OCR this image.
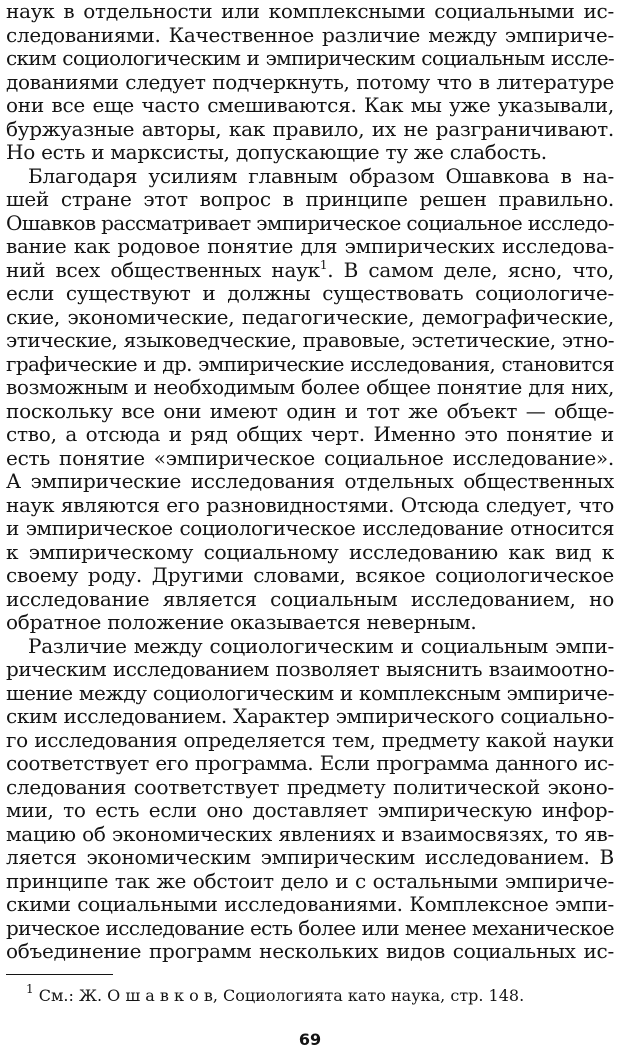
наук в отдельности или комплексными социальными ис-
следованиями. Качественное различие между эмпириче-
ским социологическим и эмпирическим социальным иссле-
дованиями следует подчеркнуть, потому что в литературе
они все еще часто смешиваются. Как мы уже указывали,
буржуазные авторы, как правило, их не разграничивают.
Но есть и марксисты, допускающие ту же слабость.
Благодаря усилиям главным образом Ошавкова в на-
шей стране этот вопрос в принципе решен правильно.
Ошавков рассматривает эмпирическое социальное исследо-
вание как родовое понятие для эмпирических исследова-
ний всех общественных наук$^1$. В самом деле, ясно, что,
если существуют и должны существовать социологиче-
ские, экономические, педагогические, демографические,
этические, языковедческие, правовые, эстетические, этно-
графические и др. эмпирические исследования, становится
возможным и необходимым более общее понятие для них,
поскольку все они имеют один и тот же объект — обще-
ство, а отсюда и ряд общих черт. Именно это понятие и
есть понятие «эмпирическое социальное исследование».
А эмпирические исследования отдельных общественных
наук являются его разновидностями. Отсюда следует, что
и эмпирическое социологическое исследование относится
к эмпирическому социальному исследованию как вид к
своему роду. Другими словами, всякое социологическое
исследование является социальным исследованием, но
обратное положение оказывается неверным.
Различие между социологическим и социальным эмпи-
рическим исследованием позволяет выяснить взаимоотно-
шение между социологическим и комплексным эмпириче-
ским исследованием. Характер эмпирического социально-
го исследования определяется тем, предмету какой науки
соответствует его программа. Если программа данного ис-
следования соответствует предмету политической эконо-
мии, то есть если оно доставляет эмпирическую инфор-
мацию об экономических явлениях и взаимосвязях, то яв-
ляется экономическим эмпирическим исследованием. В
принципе так же обстоит дело и с остальными эмпириче-
скими социальными исследованиями. Комплексное эмпи-
рическое исследование есть более или менее механическое
объединение программ нескольких видов социальных ис-
$^1$ См.: Ж. О ш а в к о в, Социологията като наука, стр. 148.
69
